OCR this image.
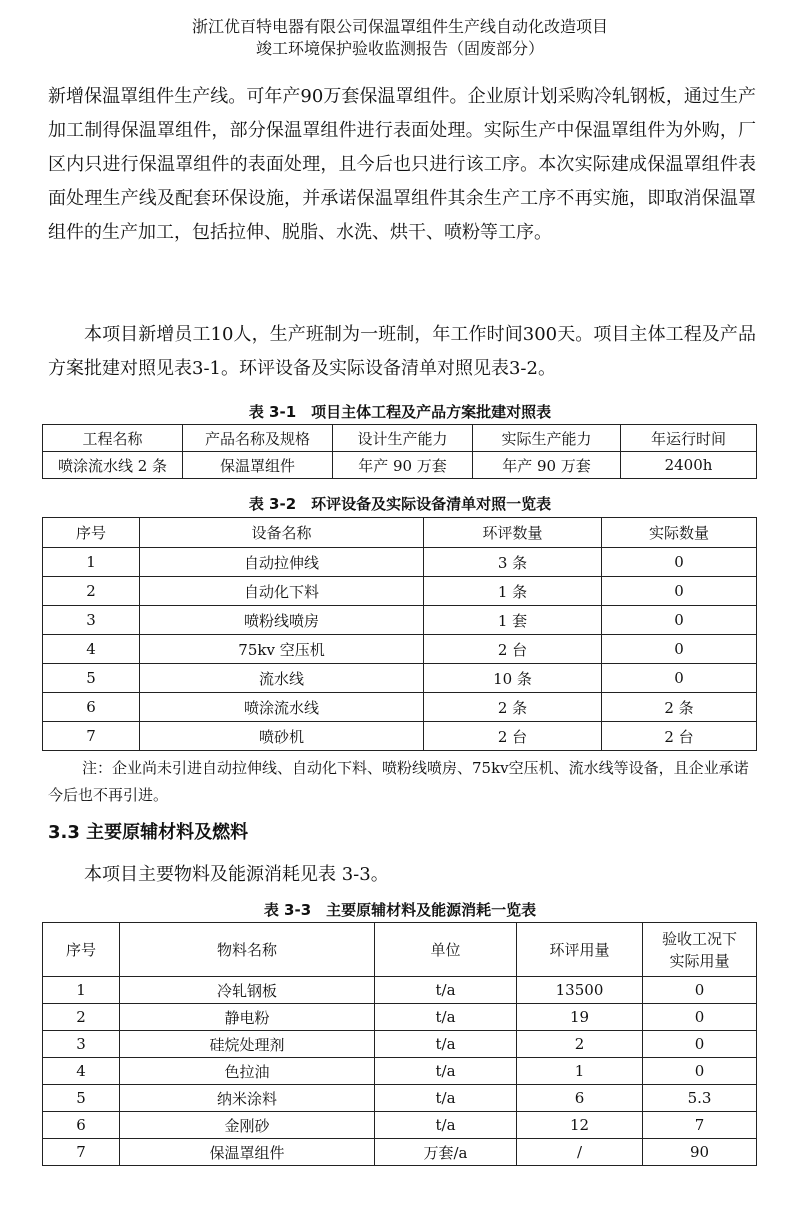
浙江优百特电器有限公司保温罩组件生产线自动化改造项目
竣工环境保护验收监测报告（固废部分）

新增保温罩组件生产线。可年产90万套保温罩组件。企业原计划采购冷轧钢板，通过生产加工制得保温罩组件，部分保温罩组件进行表面处理。实际生产中保温罩组件为外购，厂区内只进行保温罩组件的表面处理，且今后也只进行该工序。本次实际建成保温罩组件表面处理生产线及配套环保设施，并承诺保温罩组件其余生产工序不再实施，即取消保温罩组件的生产加工，包括拉伸、脱脂、水洗、烘干、喷粉等工序。

本项目新增员工10人，生产班制为一班制，年工作时间300天。项目主体工程及产品方案批建对照见表3-1。环评设备及实际设备清单对照见表3-2。

表 3-1　项目主体工程及产品方案批建对照表
工程名称	产品名称及规格	设计生产能力	实际生产能力	年运行时间
喷涂流水线 2 条	保温罩组件	年产 90 万套	年产 90 万套	2400h
表 3-2　环评设备及实际设备清单对照一览表
序号	设备名称	环评数量	实际数量
1	自动拉伸线	3 条	0
2	自动化下料	1 条	0
3	喷粉线喷房	1 套	0
4	75kv 空压机	2 台	0
5	流水线	10 条	0
6	喷涂流水线	2 条	2 条
7	喷砂机	2 台	2 台

注：企业尚未引进自动拉伸线、自动化下料、喷粉线喷房、75kv空压机、流水线等设备，且企业承诺今后也不再引进。

3.3 主要原辅材料及燃料

本项目主要物料及能源消耗见表 3-3。

表 3-3　主要原辅材料及能源消耗一览表
序号	物料名称	单位	环评用量	验收工况下
实际用量
1	冷轧钢板	t/a	13500	0
2	静电粉	t/a	19	0
3	硅烷处理剂	t/a	2	0
4	色拉油	t/a	1	0
5	纳米涂料	t/a	6	5.3
6	金刚砂	t/a	12	7
7	保温罩组件	万套/a	/	90
